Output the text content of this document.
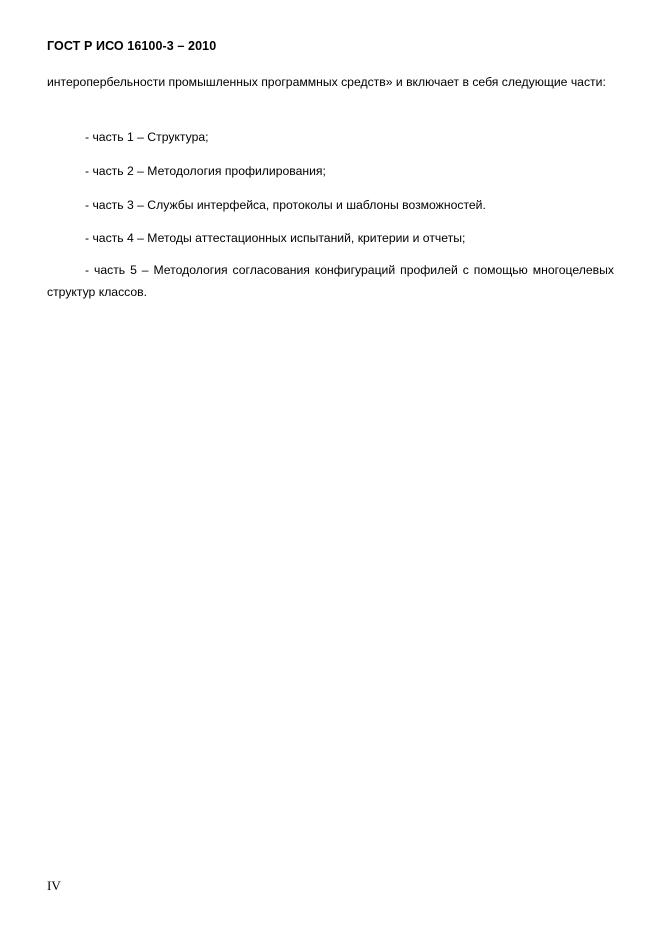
ГОСТ Р ИСО 16100-3 – 2010
интеропербельности промышленных программных средств» и включает в себя следующие части:
- часть 1 – Структура;
- часть 2 – Методология профилирования;
- часть 3 – Службы интерфейса, протоколы и шаблоны возможностей.
- часть 4 – Методы аттестационных испытаний, критерии и отчеты;
- часть 5 – Методология согласования конфигураций профилей с помощью многоцелевых структур классов.
IV
